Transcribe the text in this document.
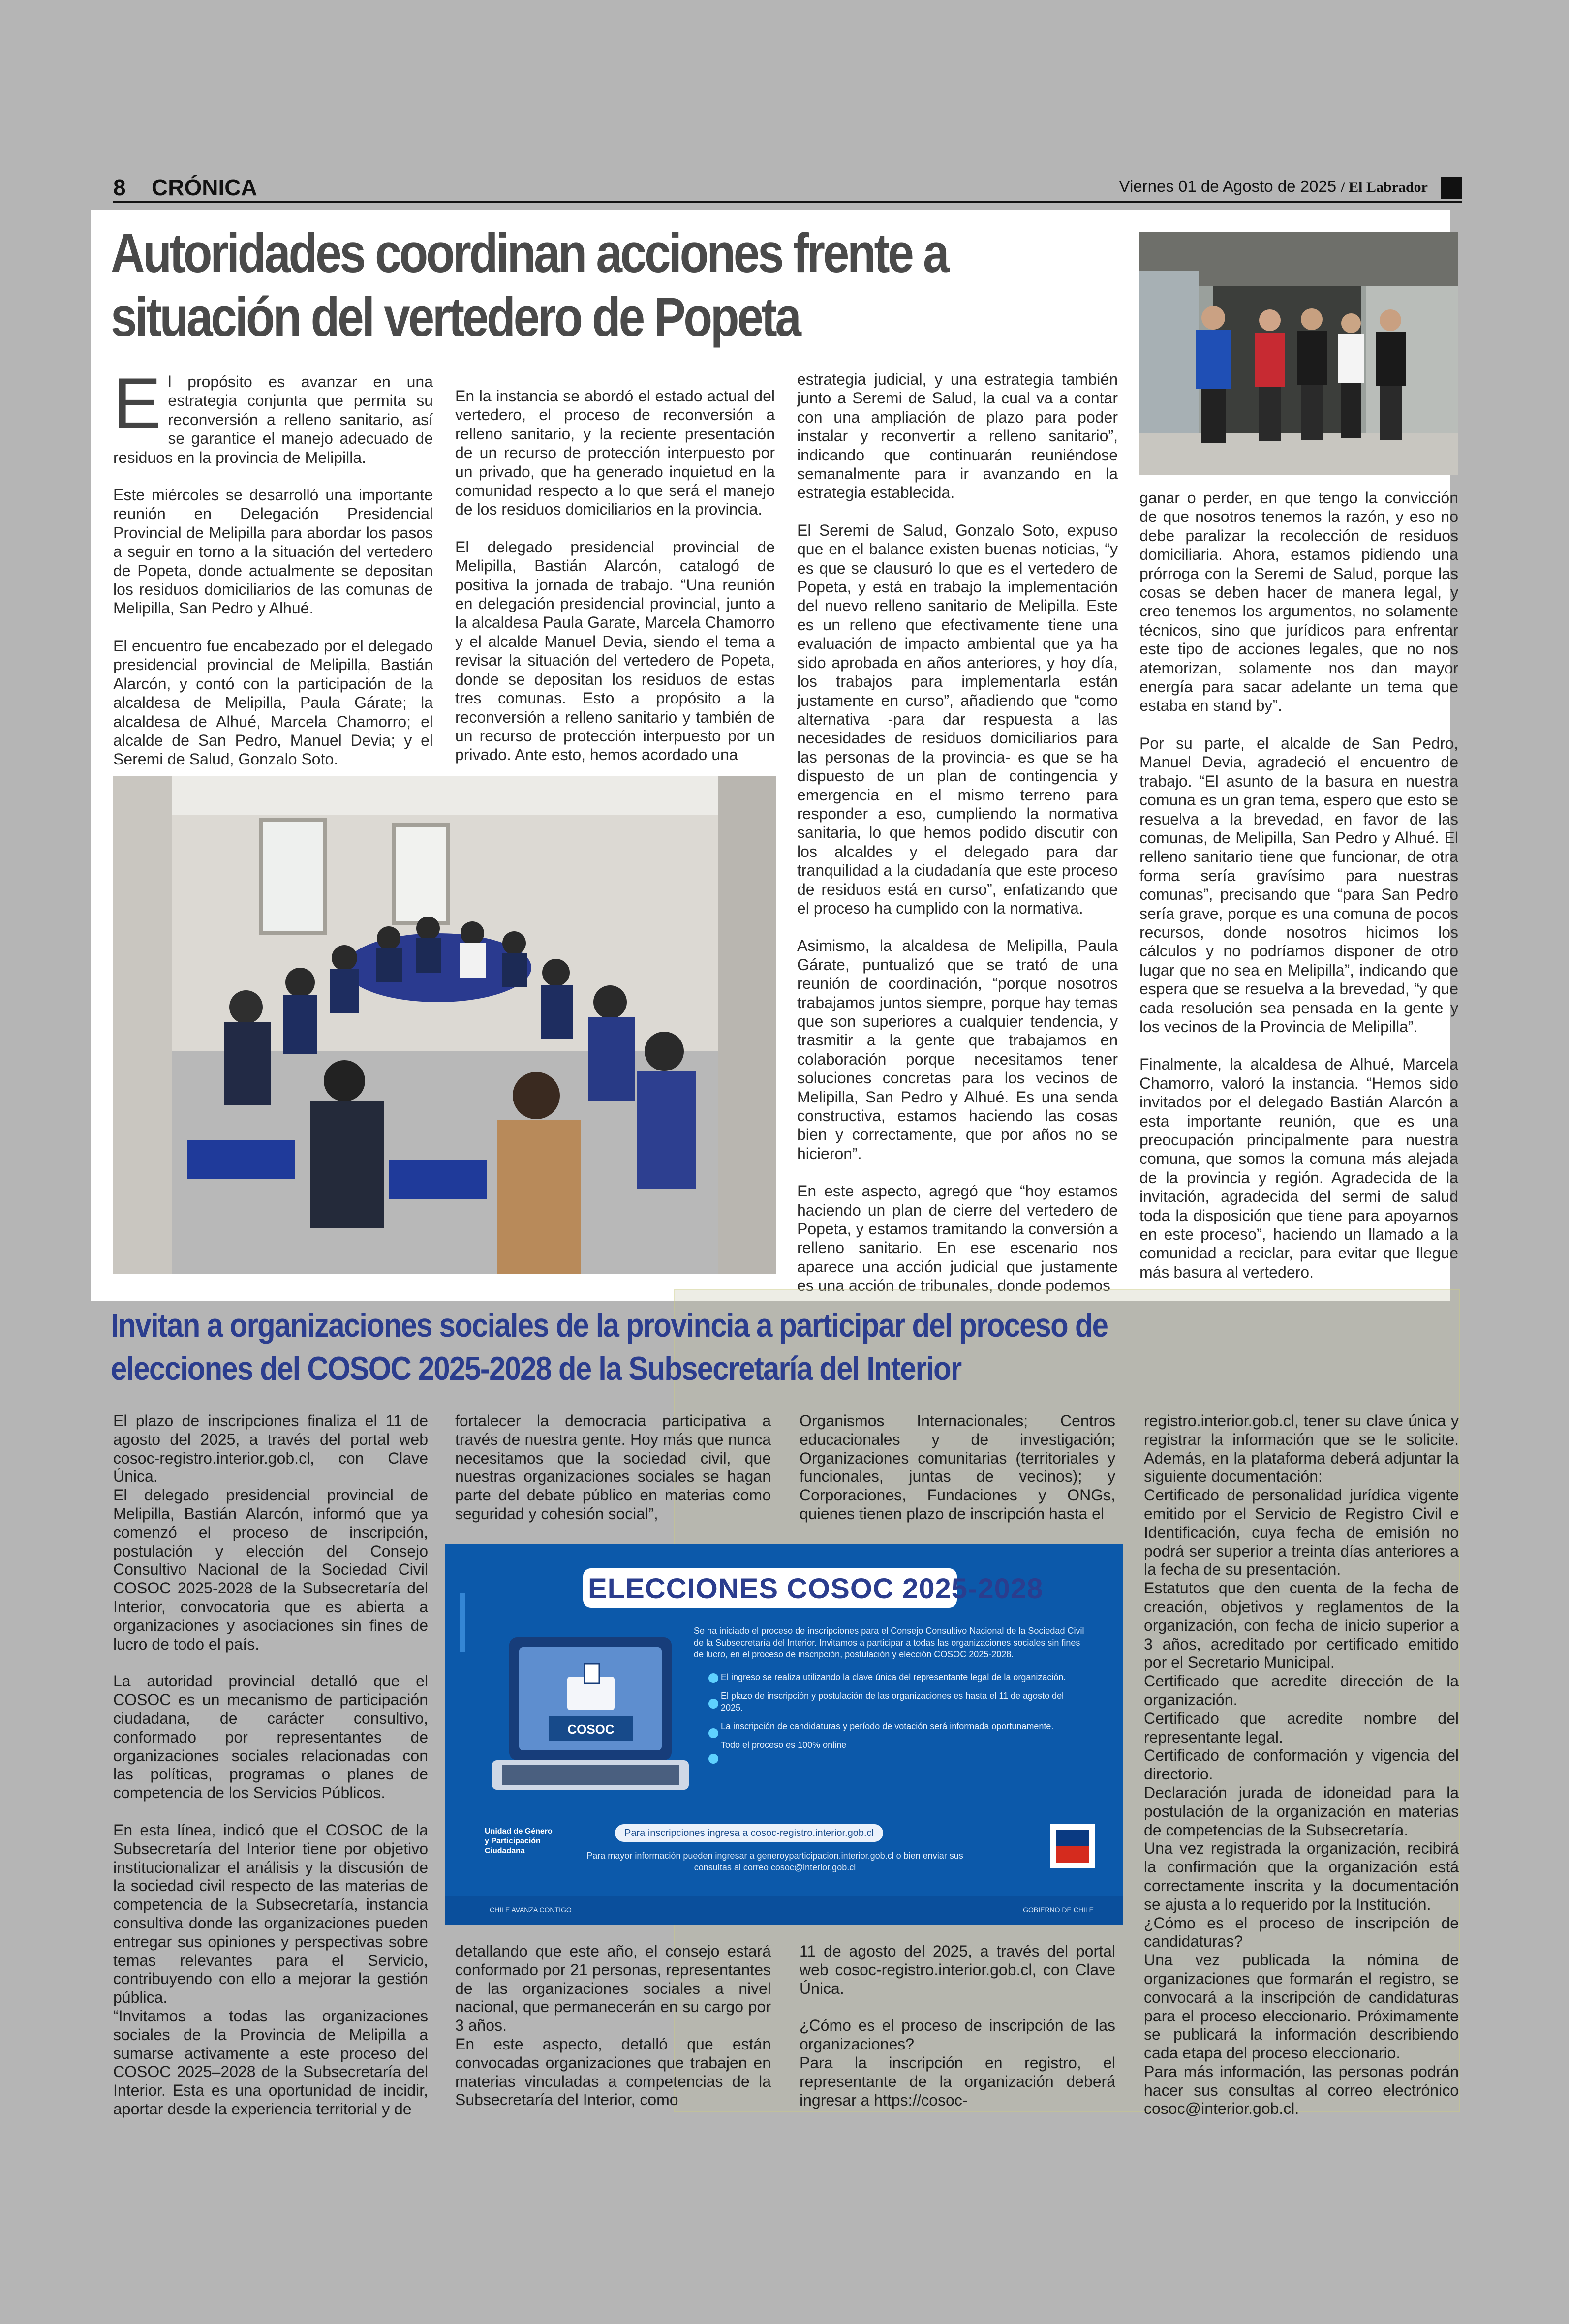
8 CRÓNICA	Viernes 01 de Agosto de 2025 / El Labrador
Autoridades coordinan acciones frente a situación del vertedero de Popeta

El propósito es avanzar en una estrategia conjunta que permita su reconversión a relleno sanitario, así se garantice el manejo adecuado de residuos en la provincia de Melipilla.

Este miércoles se desarrolló una importante reunión en Delegación Presidencial Provincial de Melipilla para abordar los pasos a seguir en torno a la situación del vertedero de Popeta, donde actualmente se depositan los residuos domiciliarios de las comunas de Melipilla, San Pedro y Alhué.

El encuentro fue encabezado por el delegado presidencial provincial de Melipilla, Bastián Alarcón, y contó con la participación de la alcaldesa de Melipilla, Paula Gárate; la alcaldesa de Alhué, Marcela Chamorro; el alcalde de San Pedro, Manuel Devia; y el Seremi de Salud, Gonzalo Soto.

En la instancia se abordó el estado actual del vertedero, el proceso de reconversión a relleno sanitario, y la reciente presentación de un recurso de protección interpuesto por un privado, que ha generado inquietud en la comunidad respecto a lo que será el manejo de los residuos domiciliarios en la provincia.

El delegado presidencial provincial de Melipilla, Bastián Alarcón, catalogó de positiva la jornada de trabajo. “Una reunión en delegación presidencial provincial, junto a la alcaldesa Paula Garate, Marcela Chamorro y el alcalde Manuel Devia, siendo el tema a revisar la situación del vertedero de Popeta, donde se depositan los residuos de estas tres comunas. Esto a propósito a la reconversión a relleno sanitario y también de un recurso de protección interpuesto por un privado. Ante esto, hemos acordado una

estrategia judicial, y una estrategia también junto a Seremi de Salud, la cual va a contar con una ampliación de plazo para poder instalar y reconvertir a relleno sanitario”, indicando que continuarán reuniéndose semanalmente para ir avanzando en la estrategia establecida.

El Seremi de Salud, Gonzalo Soto, expuso que en el balance existen buenas noticias, “y es que se clausuró lo que es el vertedero de Popeta, y está en trabajo la implementación del nuevo relleno sanitario de Melipilla. Este es un relleno que efectivamente tiene una evaluación de impacto ambiental que ya ha sido aprobada en años anteriores, y hoy día, los trabajos para implementarla están justamente en curso”, añadiendo que “como alternativa -para dar respuesta a las necesidades de residuos domiciliarios para las personas de la provincia- es que se ha dispuesto de un plan de contingencia y emergencia en el mismo terreno para responder a eso, cumpliendo la normativa sanitaria, lo que hemos podido discutir con los alcaldes y el delegado para dar tranquilidad a la ciudadanía que este proceso de residuos está en curso”, enfatizando que el proceso ha cumplido con la normativa.

Asimismo, la alcaldesa de Melipilla, Paula Gárate, puntualizó que se trató de una reunión de coordinación, “porque nosotros trabajamos juntos siempre, porque hay temas que son superiores a cualquier tendencia, y trasmitir a la gente que trabajamos en colaboración porque necesitamos tener soluciones concretas para los vecinos de Melipilla, San Pedro y Alhué. Es una senda constructiva, estamos haciendo las cosas bien y correctamente, que por años no se hicieron”.

En este aspecto, agregó que “hoy estamos haciendo un plan de cierre del vertedero de Popeta, y estamos tramitando la conversión a relleno sanitario. En ese escenario nos aparece una acción judicial que justamente es una acción de tribunales, donde podemos

ganar o perder, en que tengo la convicción de que nosotros tenemos la razón, y eso no debe paralizar la recolección de residuos domiciliaria. Ahora, estamos pidiendo una prórroga con la Seremi de Salud, porque las cosas se deben hacer de manera legal, y creo tenemos los argumentos, no solamente técnicos, sino que jurídicos para enfrentar este tipo de acciones legales, que no nos atemorizan, solamente nos dan mayor energía para sacar adelante un tema que estaba en stand by”.

Por su parte, el alcalde de San Pedro, Manuel Devia, agradeció el encuentro de trabajo. “El asunto de la basura en nuestra comuna es un gran tema, espero que esto se resuelva a la brevedad, en favor de las comunas, de Melipilla, San Pedro y Alhué. El relleno sanitario tiene que funcionar, de otra forma sería gravísimo para nuestras comunas”, precisando que “para San Pedro sería grave, porque es una comuna de pocos recursos, donde nosotros hicimos los cálculos y no podríamos disponer de otro lugar que no sea en Melipilla”, indicando que espera que se resuelva a la brevedad, “y que cada resolución sea pensada en la gente y los vecinos de la Provincia de Melipilla”.

Finalmente, la alcaldesa de Alhué, Marcela Chamorro, valoró la instancia. “Hemos sido invitados por el delegado Bastián Alarcón a esta importante reunión, que es una preocupación principalmente para nuestra comuna, que somos la comuna más alejada de la provincia y región. Agradecida de la invitación, agradecida del sermi de salud toda la disposición que tiene para apoyarnos en este proceso”, haciendo un llamado a la comunidad a reciclar, para evitar que llegue más basura al vertedero.

Invitan a organizaciones sociales de la provincia a participar del proceso de elecciones del COSOC 2025-2028 de la Subsecretaría del Interior

El plazo de inscripciones finaliza el 11 de agosto del 2025, a través del portal web cosoc-registro.interior.gob.cl, con Clave Única.

El delegado presidencial provincial de Melipilla, Bastián Alarcón, informó que ya comenzó el proceso de inscripción, postulación y elección del Consejo Consultivo Nacional de la Sociedad Civil COSOC 2025-2028 de la Subsecretaría del Interior, convocatoria que es abierta a organizaciones y asociaciones sin fines de lucro de todo el país.

La autoridad provincial detalló que el COSOC es un mecanismo de participación ciudadana, de carácter consultivo, conformado por representantes de organizaciones sociales relacionadas con las políticas, programas o planes de competencia de los Servicios Públicos.

En esta línea, indicó que el COSOC de la Subsecretaría del Interior tiene por objetivo institucionalizar el análisis y la discusión de la sociedad civil respecto de las materias de competencia de la Subsecretaría, instancia consultiva donde las organizaciones pueden entregar sus opiniones y perspectivas sobre temas relevantes para el Servicio, contribuyendo con ello a mejorar la gestión pública.

“Invitamos a todas las organizaciones sociales de la Provincia de Melipilla a sumarse activamente a este proceso del COSOC 2025–2028 de la Subsecretaría del Interior. Esta es una oportunidad de incidir, aportar desde la experiencia territorial y de

fortalecer la democracia participativa a través de nuestra gente. Hoy más que nunca necesitamos que la sociedad civil, que nuestras organizaciones sociales se hagan parte del debate público en materias como seguridad y cohesión social”,

detallando que este año, el consejo estará conformado por 21 personas, representantes de las organizaciones sociales a nivel nacional, que permanecerán en su cargo por 3 años.

En este aspecto, detalló que están convocadas organizaciones que trabajen en materias vinculadas a competencias de la Subsecretaría del Interior, como

Organismos Internacionales; Centros educacionales y de investigación; Organizaciones comunitarias (territoriales y funcionales, juntas de vecinos); y Corporaciones, Fundaciones y ONGs, quienes tienen plazo de inscripción hasta el

11 de agosto del 2025, a través del portal web cosoc-registro.interior.gob.cl, con Clave Única.

¿Cómo es el proceso de inscripción de las organizaciones?

Para la inscripción en registro, el representante de la organización deberá ingresar a https://cosoc-

registro.interior.gob.cl, tener su clave única y registrar la información que se le solicite. Además, en la plataforma deberá adjuntar la siguiente documentación:

Certificado de personalidad jurídica vigente emitido por el Servicio de Registro Civil e Identificación, cuya fecha de emisión no podrá ser superior a treinta días anteriores a la fecha de su presentación.

Estatutos que den cuenta de la fecha de creación, objetivos y reglamentos de la organización, con fecha de inicio superior a 3 años, acreditado por certificado emitido por el Secretario Municipal.

Certificado que acredite dirección de la organización.

Certificado que acredite nombre del representante legal.

Certificado de conformación y vigencia del directorio.

Declaración jurada de idoneidad para la postulación de la organización en materias de competencias de la Subsecretaría.

Una vez registrada la organización, recibirá la confirmación que la organización está correctamente inscrita y la documentación se ajusta a lo requerido por la Institución.

¿Cómo es el proceso de inscripción de candidaturas?

Una vez publicada la nómina de organizaciones que formarán el registro, se convocará a la inscripción de candidaturas para el proceso eleccionario. Próximamente se publicará la información describiendo cada etapa del proceso eleccionario.

Para más información, las personas podrán hacer sus consultas al correo electrónico cosoc@interior.gob.cl.

ELECCIONES COSOC 2025-2028

Se ha iniciado el proceso de inscripciones para el Consejo Consultivo Nacional de la Sociedad Civil de la Subsecretaría del Interior. Invitamos a participar a todas las organizaciones sociales sin fines de lucro, en el proceso de inscripción, postulación y elección COSOC 2025-2028.

El ingreso se realiza utilizando la clave única del representante legal de la organización.

El plazo de inscripción y postulación de las organizaciones es hasta el 11 de agosto del 2025.

La inscripción de candidaturas y período de votación será informada oportunamente.

Todo el proceso es 100% online

COSOC
Unidad de Género y Participación Ciudadana
Para inscripciones ingresa a cosoc-registro.interior.gob.cl
Para mayor información pueden ingresar a generoyparticipacion.interior.gob.cl o bien enviar sus consultas al correo cosoc@interior.gob.cl
CHILE AVANZA CONTIGO	GOBIERNO DE CHILE
